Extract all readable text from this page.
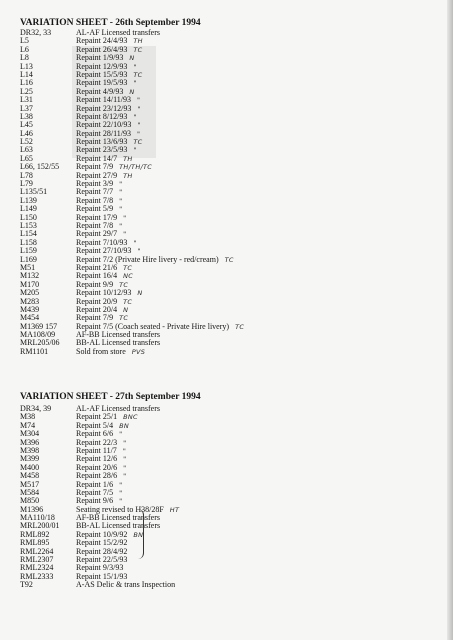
VARIATION SHEET - 26th September 1994
DR32, 33	AL-AF Licensed transfers
L5	Repaint 24/4/93 TH
L6	Repaint 26/4/93 TC
L8	Repaint 1/9/93 N
L13	Repaint 12/9/93 "
L14	Repaint 15/5/93 TC
L16	Repaint 19/5/93 "
L25	Repaint 4/9/93 N
L31	Repaint 14/11/93 "
L37	Repaint 23/12/93 "
L38	Repaint 8/12/93 "
L45	Repaint 22/10/93 "
L46	Repaint 28/11/93 "
L52	Repaint 13/6/93 TC
L63	Repaint 23/5/93 "
L65	Repaint 14/7 TH
L66, 152/55	Repaint 7/9 TH/TH/TC
L78	Repaint 27/9 TH
L79	Repaint 3/9 "
L135/51	Repaint 7/7 "
L139	Repaint 7/8 "
L149	Repaint 5/9 "
L150	Repaint 17/9 "
L153	Repaint 7/8 "
L154	Repaint 29/7 "
L158	Repaint 7/10/93 "
L159	Repaint 27/10/93 "
L169	Repaint 7/2 (Private Hire livery - red/cream) TC
M51	Repaint 21/6 TC
M132	Repaint 16/4 NC
M170	Repaint 9/9 TC
M205	Repaint 10/12/93 N
M283	Repaint 20/9 TC
M439	Repaint 20/4 N
M454	Repaint 7/9 TC
M1369 157	Repaint 7/5 (Coach seated - Private Hire livery) TC
MA108/09	AF-BB Licensed transfers
MRL205/06	BB-AL Licensed transfers
RM1101	Sold from store PVS
VARIATION SHEET - 27th September 1994
DR34, 39	AL-AF Licensed transfers
M38	Repaint 25/1 BNC
M74	Repaint 5/4 BN
M304	Repaint 6/6 "
M396	Repaint 22/3 "
M398	Repaint 11/7 "
M399	Repaint 12/6 "
M400	Repaint 20/6 "
M458	Repaint 28/6 "
M517	Repaint 1/6 "
M584	Repaint 7/5 "
M850	Repaint 9/6 "
M1396	Seating revised to H38/28F HT
MA110/18	AF-BB Licensed transfers
MRL200/01	BB-AL Licensed transfers
RML892	Repaint 10/9/92 BN
RML895	Repaint 15/2/92
RML2264	Repaint 28/4/92
RML2307	Repaint 22/5/93
RML2324	Repaint 9/3/93
RML2333	Repaint 15/1/93
T92	A-AS Delic & trans Inspection
